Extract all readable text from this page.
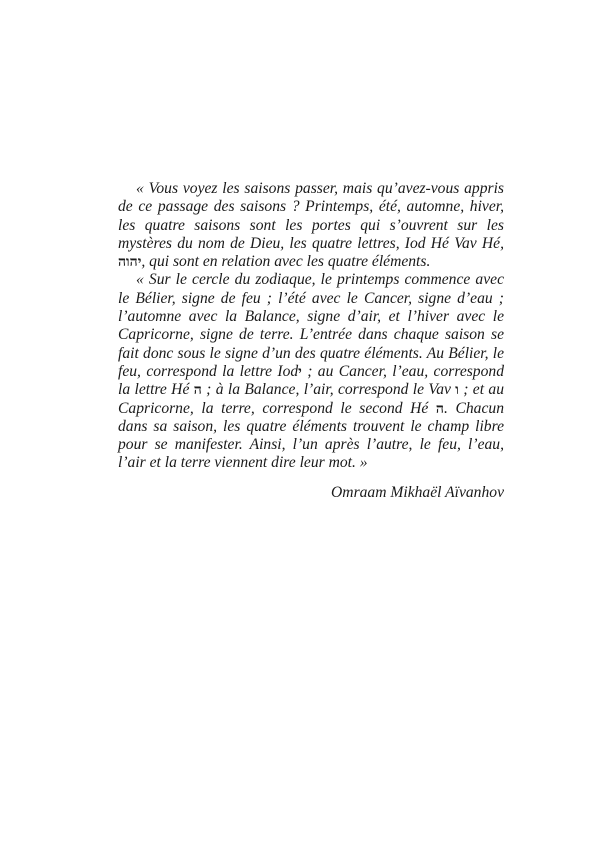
« Vous voyez les saisons passer, mais qu’avez-vous appris de ce passage des saisons ? Printemps, été, automne, hiver, les quatre saisons sont les portes qui s’ouvrent sur les mystères du nom de Dieu, les quatre lettres, Iod Hé Vav Hé, יהוה, qui sont en relation avec les quatre éléments.

« Sur le cercle du zodiaque, le printemps commence avec le Bélier, signe de feu ; l’été avec le Cancer, signe d’eau ; l’automne avec la Balance, signe d’air, et l’hiver avec le Capricorne, signe de terre. L’entrée dans chaque saison se fait donc sous le signe d’un des quatre éléments. Au Bélier, le feu, correspond la lettre Iodי ; au Cancer, l’eau, correspond la lettre Hé ה ; à la Balance, l’air, correspond le Vav ו ; et au Capricorne, la terre, correspond le second Hé ה. Chacun dans sa saison, les quatre éléments trouvent le champ libre pour se manifester. Ainsi, l’un après l’autre, le feu, l’eau, l’air et la terre viennent dire leur mot. »

Omraam Mikhaël Aïvanhov
